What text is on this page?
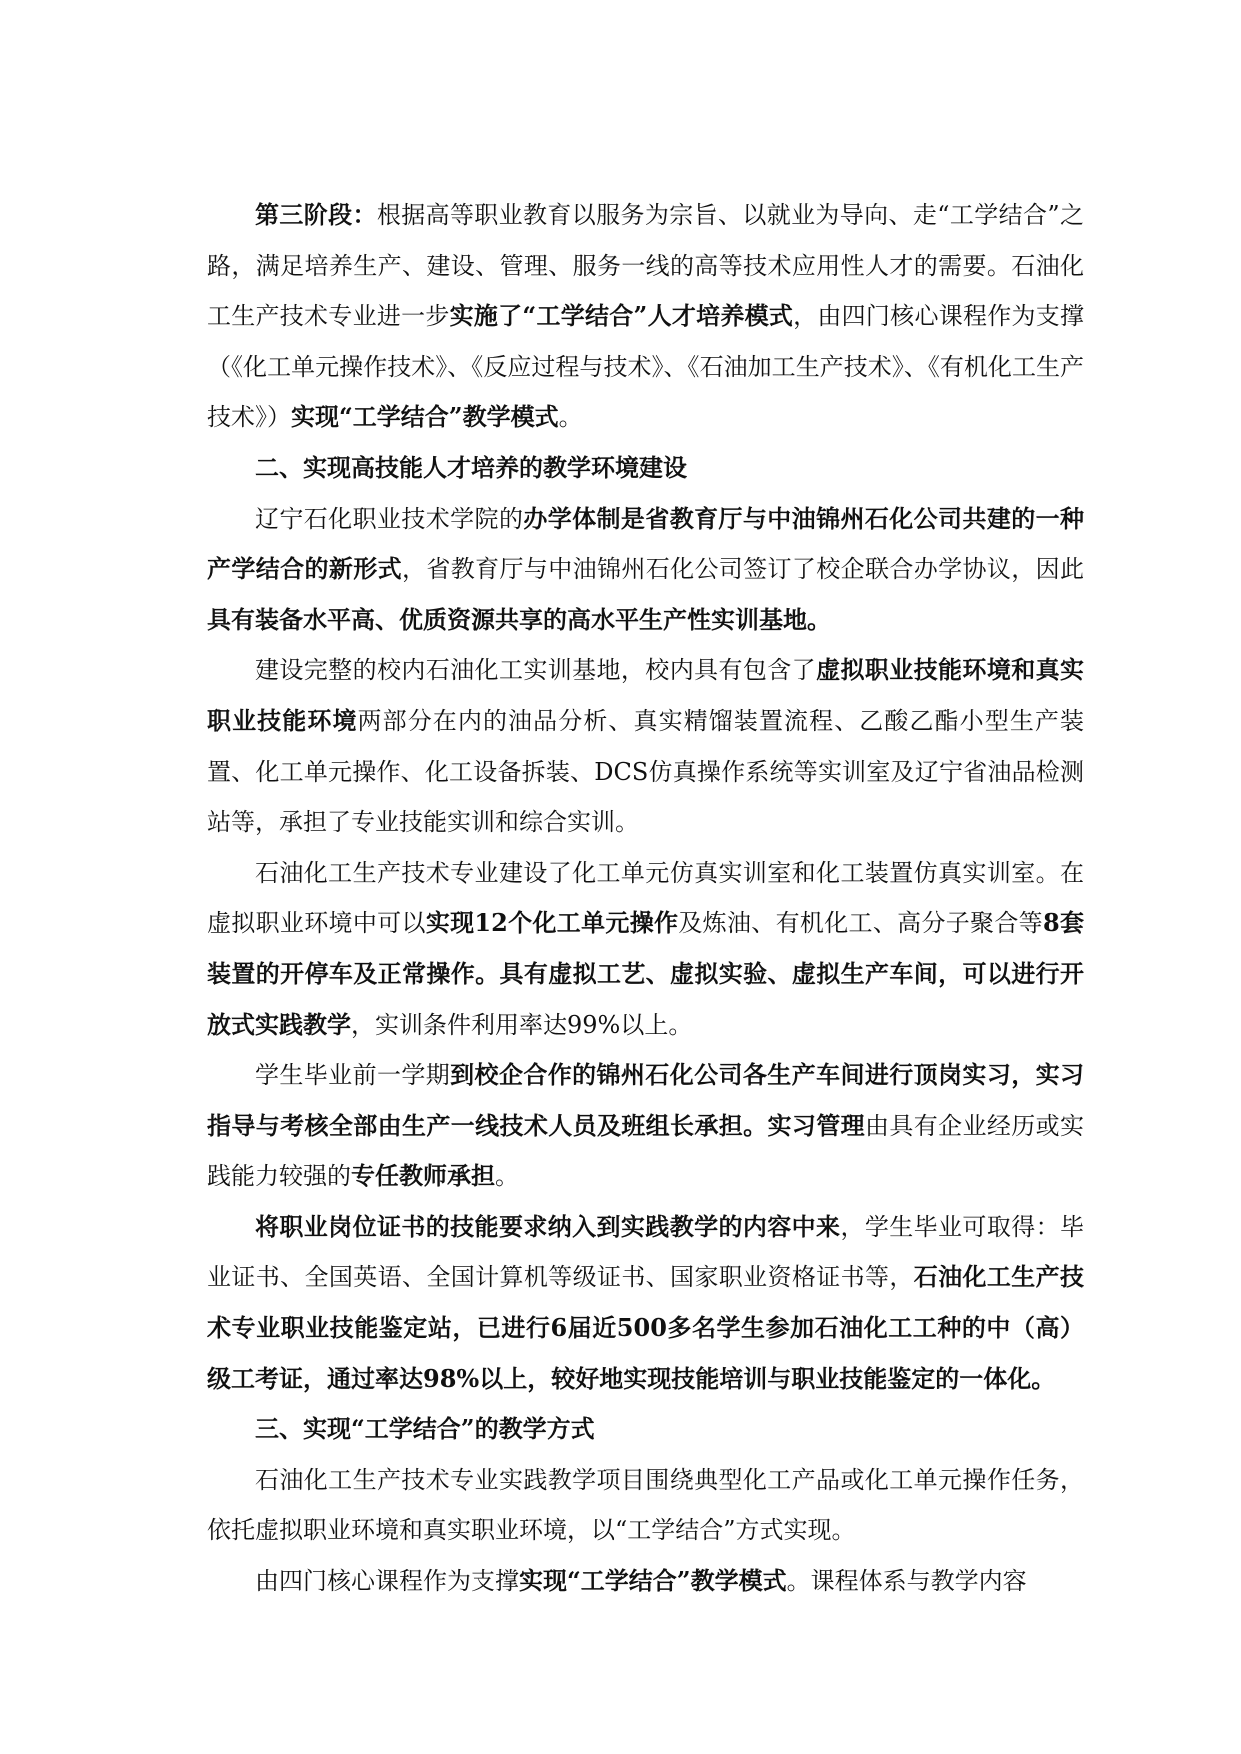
第三阶段：根据高等职业教育以服务为宗旨、以就业为导向、走“工学结合”之路，满足培养生产、建设、管理、服务一线的高等技术应用性人才的需要。石油化工生产技术专业进一步实施了“工学结合”人才培养模式，由四门核心课程作为支撑（《化工单元操作技术》、《反应过程与技术》、《石油加工生产技术》、《有机化工生产技术》）实现“工学结合”教学模式。

二、实现高技能人才培养的教学环境建设

辽宁石化职业技术学院的办学体制是省教育厅与中油锦州石化公司共建的一种产学结合的新形式，省教育厅与中油锦州石化公司签订了校企联合办学协议，因此具有装备水平高、优质资源共享的高水平生产性实训基地。

建设完整的校内石油化工实训基地，校内具有包含了虚拟职业技能环境和真实职业技能环境两部分在内的油品分析、真实精馏装置流程、乙酸乙酯小型生产装置、化工单元操作、化工设备拆装、DCS仿真操作系统等实训室及辽宁省油品检测站等，承担了专业技能实训和综合实训。

石油化工生产技术专业建设了化工单元仿真实训室和化工装置仿真实训室。在虚拟职业环境中可以实现12个化工单元操作及炼油、有机化工、高分子聚合等8套装置的开停车及正常操作。具有虚拟工艺、虚拟实验、虚拟生产车间，可以进行开放式实践教学，实训条件利用率达99%以上。

学生毕业前一学期到校企合作的锦州石化公司各生产车间进行顶岗实习，实习指导与考核全部由生产一线技术人员及班组长承担。实习管理由具有企业经历或实践能力较强的专任教师承担。

将职业岗位证书的技能要求纳入到实践教学的内容中来，学生毕业可取得：毕业证书、全国英语、全国计算机等级证书、国家职业资格证书等，石油化工生产技术专业职业技能鉴定站，已进行6届近500多名学生参加石油化工工种的中（高）级工考证，通过率达98%以上，较好地实现技能培训与职业技能鉴定的一体化。

三、实现“工学结合”的教学方式

石油化工生产技术专业实践教学项目围绕典型化工产品或化工单元操作任务，依托虚拟职业环境和真实职业环境，以“工学结合”方式实现。

由四门核心课程作为支撑实现“工学结合”教学模式。课程体系与教学内容
